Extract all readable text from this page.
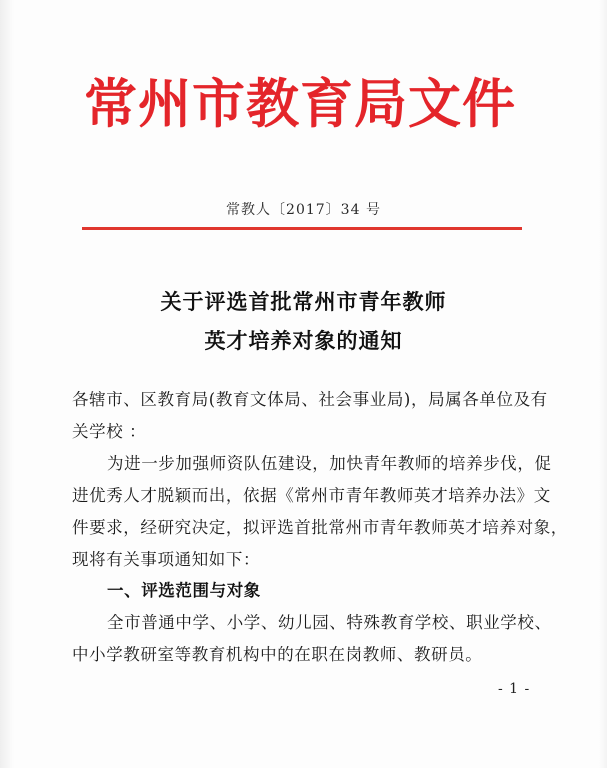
常州市教育局文件
常教人〔2017〕34 号
关于评选首批常州市青年教师
英才培养对象的通知
各辖市、区教育局(教育文体局、社会事业局)，局属各单位及有
关学校 ：
为进一步加强师资队伍建设，加快青年教师的培养步伐，促
进优秀人才脱颖而出，依据《常州市青年教师英才培养办法》文
件要求，经研究决定，拟评选首批常州市青年教师英才培养对象，
现将有关事项通知如下：
一、评选范围与对象
全市普通中学、小学、幼儿园、特殊教育学校、职业学校、
中小学教研室等教育机构中的在职在岗教师、教研员。
- 1 -
